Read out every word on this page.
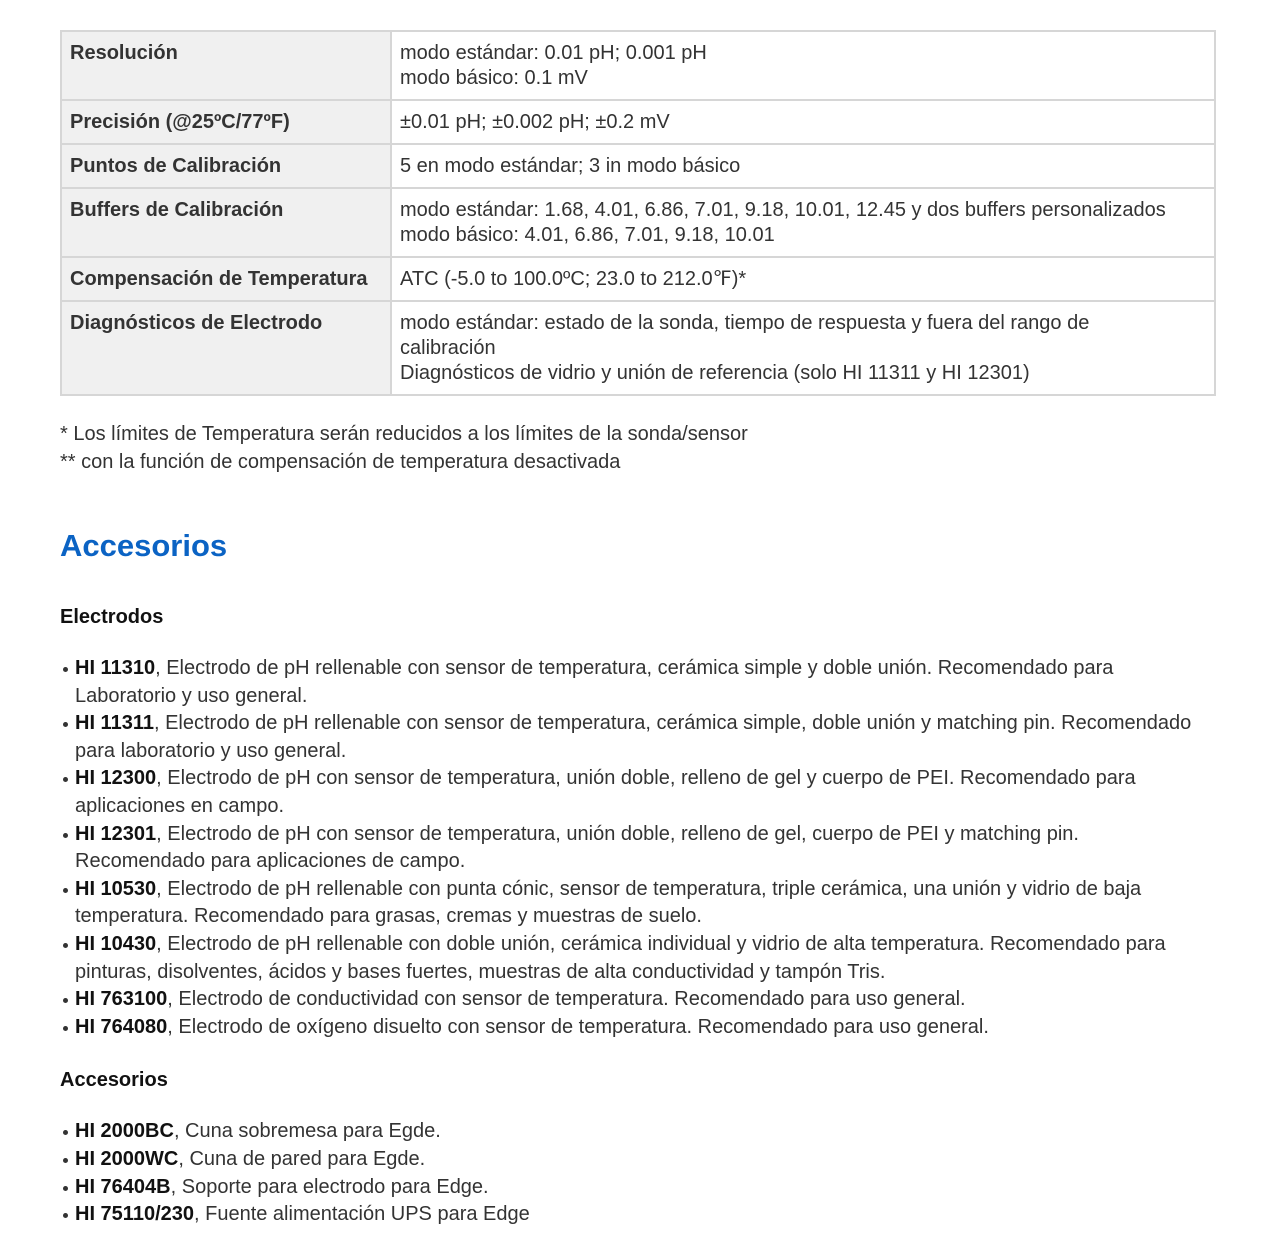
Resolución	modo estándar: 0.01 pH; 0.001 pH
modo básico: 0.1 mV

Precisión (@25ºC/77ºF)	±0.01 pH; ±0.002 pH; ±0.2 mV

Puntos de Calibración	5 en modo estándar; 3 in modo básico

Buffers de Calibración	modo estándar: 1.68, 4.01, 6.86, 7.01, 9.18, 10.01, 12.45 y dos buffers personalizados
modo básico: 4.01, 6.86, 7.01, 9.18, 10.01

Compensación de Temperatura	ATC (-5.0 to 100.0ºC; 23.0 to 212.0℉)*

Diagnósticos de Electrodo	modo estándar: estado de la sonda, tiempo de respuesta y fuera del rango de calibración
Diagnósticos de vidrio y unión de referencia (solo HI 11311 y HI 12301)
* Los límites de Temperatura serán reducidos a los límites de la sonda/sensor
** con la función de compensación de temperatura desactivada
Accesorios
Electrodos
HI 11310, Electrodo de pH rellenable con sensor de temperatura, cerámica simple y doble unión. Recomendado para Laboratorio y uso general.
HI 11311, Electrodo de pH rellenable con sensor de temperatura, cerámica simple, doble unión y matching pin. Recomendado para laboratorio y uso general.
HI 12300, Electrodo de pH con sensor de temperatura, unión doble, relleno de gel y cuerpo de PEI. Recomendado para aplicaciones en campo.
HI 12301, Electrodo de pH con sensor de temperatura, unión doble, relleno de gel, cuerpo de PEI y matching pin. Recomendado para aplicaciones de campo.
HI 10530, Electrodo de pH rellenable con punta cónic, sensor de temperatura, triple cerámica, una unión y vidrio de baja temperatura. Recomendado para grasas, cremas y muestras de suelo.
HI 10430, Electrodo de pH rellenable con doble unión, cerámica individual y vidrio de alta temperatura. Recomendado para pinturas, disolventes, ácidos y bases fuertes, muestras de alta conductividad y tampón Tris.
HI 763100, Electrodo de conductividad con sensor de temperatura. Recomendado para uso general.
HI 764080, Electrodo de oxígeno disuelto con sensor de temperatura. Recomendado para uso general.
Accesorios
HI 2000BC, Cuna sobremesa para Egde.
HI 2000WC, Cuna de pared para Egde.
HI 76404B, Soporte para electrodo para Edge.
HI 75110/230, Fuente alimentación UPS para Edge
